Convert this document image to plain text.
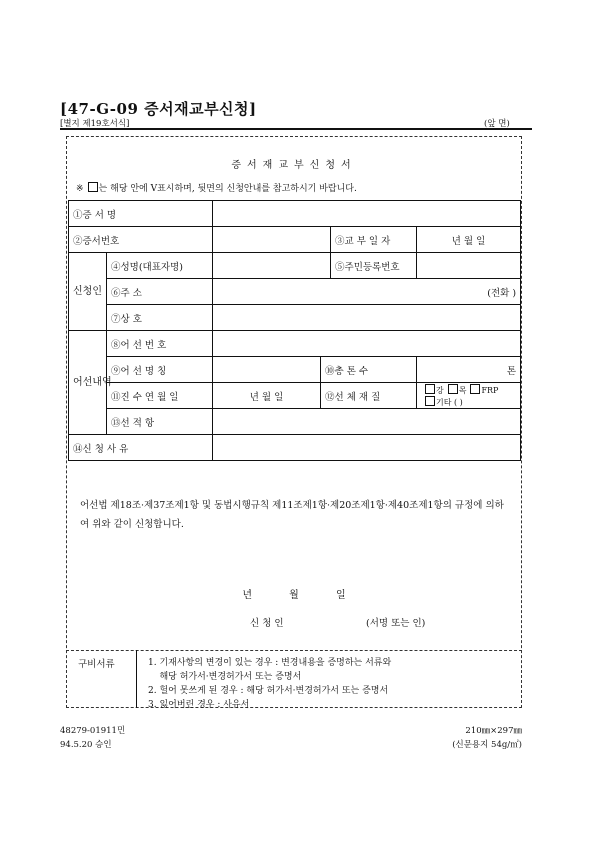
[47-G-09 증서재교부신청]
[별지 제19호서식]	(앞 면)
증서재교부신청서
※ 는 해당 안에 V표시하며, 뒷면의 신청안내를 참고하시기 바랍니다.
①증 서 명					
②증서번호				③교 부 일 자	년 월 일
신청인	④성명(대표자명)			⑤주민등록번호	
	⑥주 소	(전화 )			
	⑦상 호				
어선내역	⑧어 선 번 호				
	⑨어 선 명 칭		⑩총 톤 수		톤
	⑪진 수 연 월 일	년 월 일	⑫선 체 재 질		강 목 FRP
기타 ( )
	⑬선 적 항				
⑭신 청 사 유					
어선법 제18조·제37조제1항 및 동법시행규칙 제11조제1항·제20조제1항·제40조제1항의 규정에 의하여 위와 같이 신청합니다.
년 월 일
신 청 인	(서명 또는 인)
구비서류	1. 기재사항의 변경이 있는 경우 : 변경내용을 증명하는 서류와
해당 허가서·변경허가서 또는 증명서
2. 헐어 못쓰게 된 경우 : 해당 허가서·변경허가서 또는 증명서
3. 잃어버린 경우 : 사유서
48279-01911민
94.5.20 승인
210㎜×297㎜
(신문용지 54g/㎡)
